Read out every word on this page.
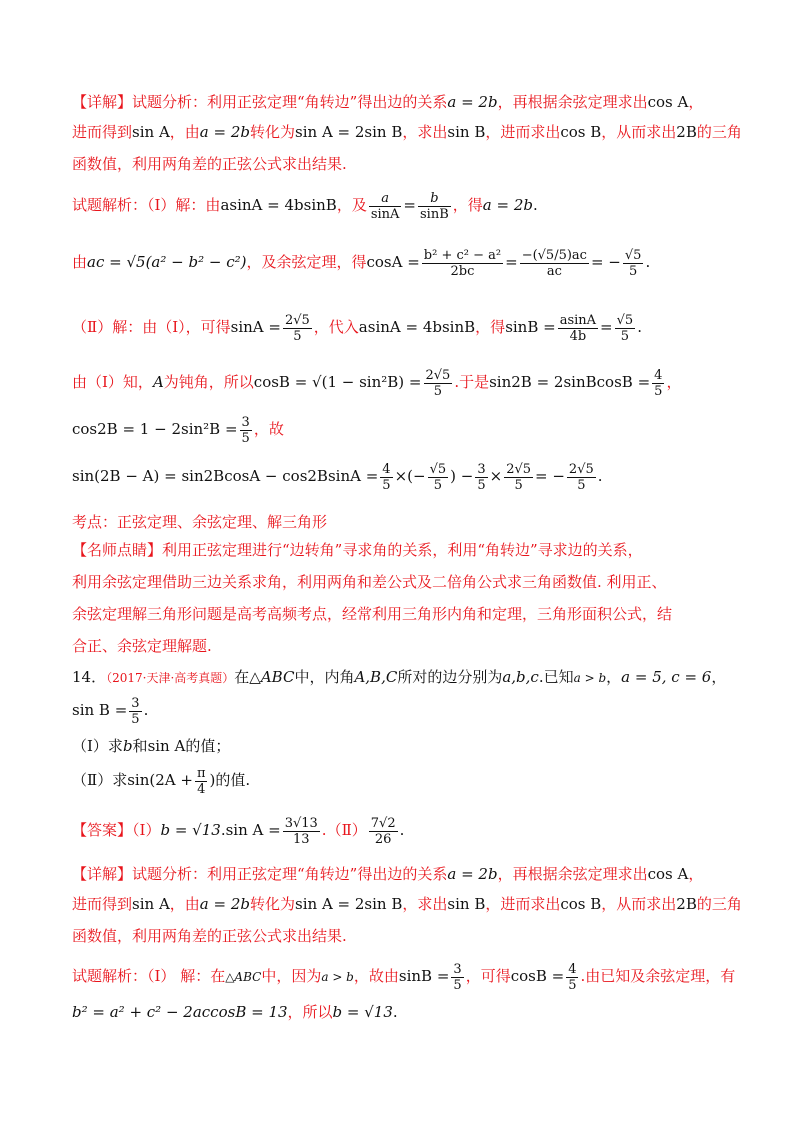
【详解】试题分析：利用正弦定理“角转边”得出边的关系a = 2b，再根据余弦定理求出cos A，
进而得到sin A，由a = 2b转化为sin A = 2sin B，求出sin B，进而求出cos B，从而求出2B的三角
函数值，利用两角差的正弦公式求出结果.
试题解析：（Ⅰ）解：由asinA = 4bsinB，及 $\frac{a}{\sin A} = \frac{b}{\sin B}$ ，得a = 2b.
由ac = √5(a² − b² − c²)，及余弦定理，得$\cos A = \frac{\text{b² + c² − a²}}{2bc} = \frac{-(√5/5)ac}{ac}$ = − $\frac{√5}{5}$ .
（Ⅱ）解：由（Ⅰ），可得$\sin A = \frac{2√5}{5}$ ，代入asinA = 4bsinB，得$\sin B = \frac{asinA}{4b} = \frac{√5}{5}$ .
由（Ⅰ）知，A为钝角，所以$\cos B = √(1 - \sin^2B) = \frac{2√5}{5}$ .于是sin2B = 2sinBcosB = $\frac{4}{5}$ ，
$\cos 2B = 1 - 2\sin^2B = \frac{3}{5}$ ，故
$\sin(2B - A) = \sin 2BcosA - \cos 2BsinA = \frac{4}{5}$ ×(− $\frac{√5}{5}$ ) − $\frac{3}{5} \times \frac{2√5}{5}$ = − $\frac{2√5}{5}$ .
考点：正弦定理、余弦定理、解三角形
【名师点睛】利用正弦定理进行“边转角”寻求角的关系，利用“角转边”寻求边的关系，
利用余弦定理借助三边关系求角，利用两角和差公式及二倍角公式求三角函数值. 利用正、
余弦定理解三角形问题是高考高频考点，经常利用三角形内角和定理，三角形面积公式，结
合正、余弦定理解题.
14．（2017·天津·高考真题）在△ABC中，内角A,B,C所对的边分别为a,b,c.已知a > b，a = 5, c = 6，
$\sin B = \frac{3}{5}$ .
（Ⅰ）求b和sin A的值；
（Ⅱ）求$\sin(2A + \frac{\pi}{4}$ )的值.
【答案】（Ⅰ）b = √13.sin $A = \frac{3√13}{13}$ .（Ⅱ） $\frac{7√2}{26}$ .
【详解】试题分析：利用正弦定理“角转边”得出边的关系a = 2b，再根据余弦定理求出cos A，
进而得到sin A，由a = 2b转化为sin A = 2sin B，求出sin B，进而求出cos B，从而求出2B的三角
函数值，利用两角差的正弦公式求出结果.
试题解析：（Ⅰ） 解：在△ABC中，因为a > b，故由$\sin B = \frac{3}{5}$ ，可得$\cos B = \frac{4}{5}$ .由已知及余弦定理，有
b² = a² + c² − 2accosB = 13，所以b = √13.
